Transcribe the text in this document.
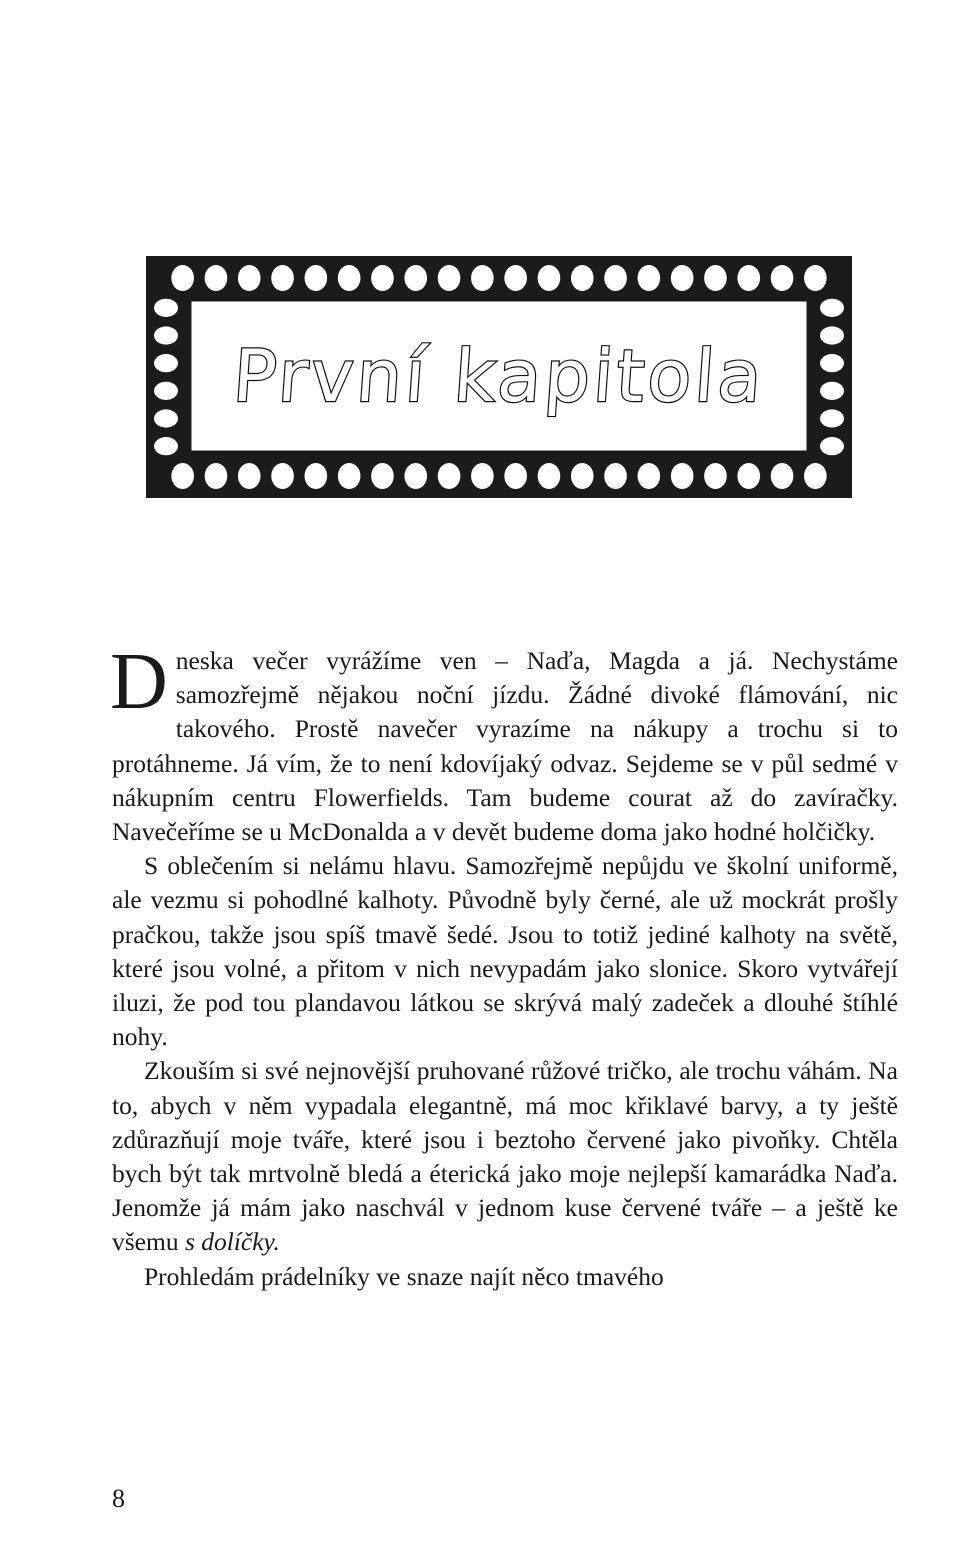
První kapitola

Dneska večer vyrážíme ven – Naďa, Magda a já. Nechystáme samozřejmě nějakou noční jízdu. Žádné divoké flámování, nic takového. Prostě navečer vyrazíme na nákupy a trochu si to protáhneme. Já vím, že to není kdovíjaký odvaz. Sejdeme se v půl sedmé v nákupním centru Flowerfields. Tam budeme courat až do zavíračky. Navečeříme se u McDonalda a v devět budeme doma jako hodné holčičky.

S oblečením si nelámu hlavu. Samozřejmě nepůjdu ve školní uniformě, ale vezmu si pohodlné kalhoty. Původně byly černé, ale už mockrát prošly pračkou, takže jsou spíš tmavě šedé. Jsou to totiž jediné kalhoty na světě, které jsou volné, a přitom v nich nevypadám jako slonice. Skoro vytvářejí iluzi, že pod tou plandavou látkou se skrývá malý zadeček a dlouhé štíhlé nohy.

Zkouším si své nejnovější pruhované růžové tričko, ale trochu váhám. Na to, abych v něm vypadala elegantně, má moc křiklavé barvy, a ty ještě zdůrazňují moje tváře, které jsou i beztoho červené jako pivoňky. Chtěla bych být tak mrtvolně bledá a éterická jako moje nejlepší kamarádka Naďa. Jenomže já mám jako naschvál v jednom kuse červené tváře – a ještě ke všemu s dolíčky.

Prohledám prádelníky ve snaze najít něco tmavého

8
